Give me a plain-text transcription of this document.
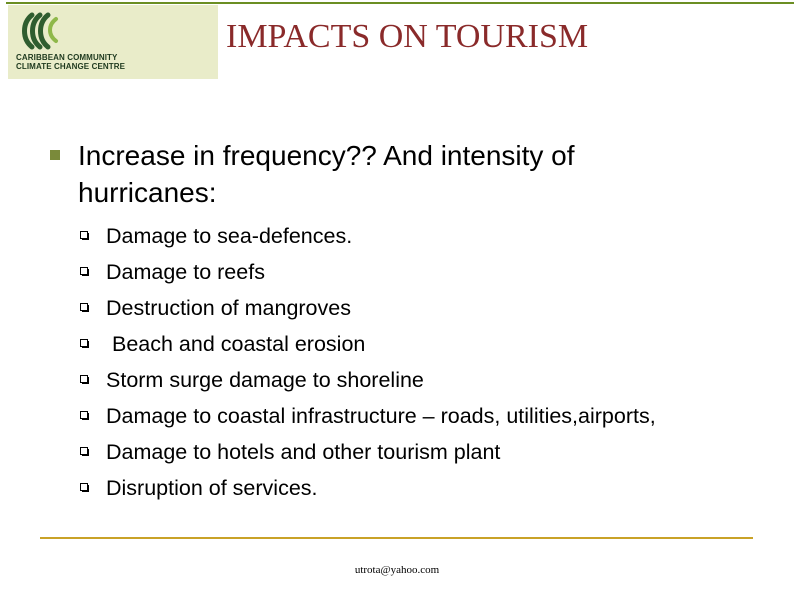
CARIBBEAN COMMUNITY
CLIMATE CHANGE CENTRE
IMPACTS ON TOURISM
Increase in frequency?? And intensity of hurricanes:
Damage to sea-defences.
Damage to reefs
Destruction of mangroves
Beach and coastal erosion
Storm surge damage to shoreline
Damage to coastal infrastructure – roads, utilities,airports,
Damage to hotels and other tourism plant
Disruption of services.
utrota@yahoo.com
